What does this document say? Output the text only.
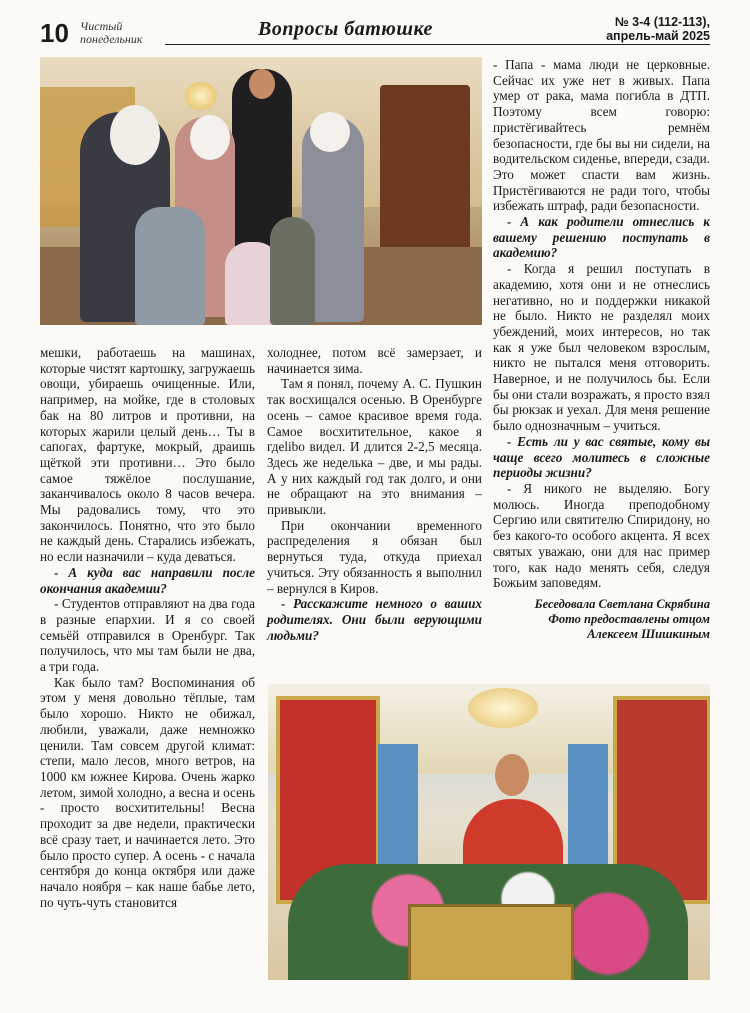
10 Чистый
понедельник	Вопросы батюшке	№ 3-4 (112-113),
апрель-май 2025

мешки, работаешь на машинах, которые чистят картошку, загружаешь овощи, убираешь очищенные. Или, например, на мойке, где в столовых бак на 80 литров и противни, на которых жарили целый день… Ты в сапогах, фартуке, мокрый, драишь щёткой эти противни… Это было самое тяжёлое послушание, заканчивалось около 8 часов вечера. Мы радовались тому, что это закончилось. Понятно, что это было не каждый день. Старались избежать, но если назначили – куда деваться.

- А куда вас направили после окончания академии?

- Студентов отправляют на два года в разные епархии. И я со своей семьёй отправился в Оренбург. Так получилось, что мы там были не два, а три года.

Как было там? Воспоминания об этом у меня довольно тёплые, там было хорошо. Никто не обижал, любили, уважали, даже немножко ценили. Там совсем другой климат: степи, мало лесов, много ветров, на 1000 км южнее Кирова. Очень жарко летом, зимой холодно, а весна и осень - просто восхитительны! Весна проходит за две недели, практически всё сразу тает, и начинается лето. Это было просто супер. А осень - с начала сентября до конца октября или даже начало ноября – как наше бабье лето, по чуть-чуть становится

холоднее, потом всё замерзает, и начинается зима.

Там я понял, почему А. С. Пушкин так восхищался осенью. В Оренбурге осень – самое красивое время года. Самое восхитительное, какое я гдelibo видел. И длится 2-2,5 месяца. Здесь же неделька – две, и мы рады. А у них каждый год так долго, и они не обращают на это внимания – привыкли.

При окончании временного распределения я обязан был вернуться туда, откуда приехал учиться. Эту обязанность я выполнил – вернулся в Киров.

- Расскажите немного о ваших родителях. Они были верующими людьми?

- Папа - мама люди не церковные. Сейчас их уже нет в живых. Папа умер от рака, мама погибла в ДТП. Поэтому всем говорю: пристёгивайтесь ремнём безопасности, где бы вы ни сидели, на водительском сиденье, впереди, сзади. Это может спасти вам жизнь. Пристёгиваются не ради того, чтобы избежать штраф, ради безопасности.

- А как родители отнеслись к вашему решению поступать в академию?

- Когда я решил поступать в академию, хотя они и не отнеслись негативно, но и поддержки никакой не было. Никто не разделял моих убеждений, моих интересов, но так как я уже был человеком взрослым, никто не пытался меня отговорить. Наверное, и не получилось бы. Если бы они стали возражать, я просто взял бы рюкзак и уехал. Для меня решение было однозначным – учиться.

- Есть ли у вас святые, кому вы чаще всего молитесь в сложные периоды жизни?

- Я никого не выделяю. Богу молюсь. Иногда преподобному Сергию или святителю Спиридону, но без какого-то особого акцента. Я всех святых уважаю, они для нас пример того, как надо менять себя, следуя Божьим заповедям.

Беседовала Светлана Скрябина
Фото предоставлены отцом
Алексеем Шишкиным
